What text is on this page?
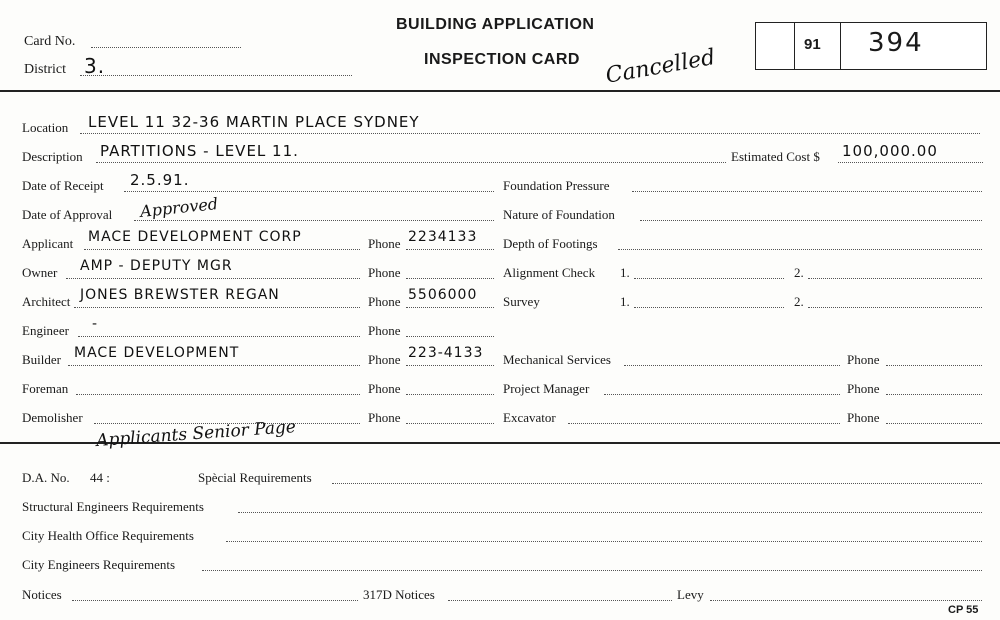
Card No.
District 3.
BUILDING APPLICATION
INSPECTION CARD Cancelled
91 394
Location LEVEL 11 32-36 MARTIN PLACE SYDNEY
Description PARTITIONS - LEVEL 11.	Estimated Cost $ 100,000.00
Date of Receipt 2.5.91.
Date of Approval Approved
Applicant MACE DEVELOPMENT CORP	Phone 2234133
Owner AMP - DEPUTY MGR	Phone
Architect JONES BREWSTER REGAN	Phone 5506000
Engineer -	Phone
Builder MACE DEVELOPMENT	Phone 223-4133
Foreman	Phone
Demolisher	Phone
Foundation Pressure
Nature of Foundation
Depth of Footings
Alignment Check 1.	2.
Survey	1.	2.
Mechanical Services	Phone
Project Manager	Phone
Excavator	Phone
Applicants Senior Page
D.A. No. 44 :	Spècial Requirements
Structural Engineers Requirements
City Health Office Requirements
City Engineers Requirements
Notices	317D Notices	Levy
CP 55
